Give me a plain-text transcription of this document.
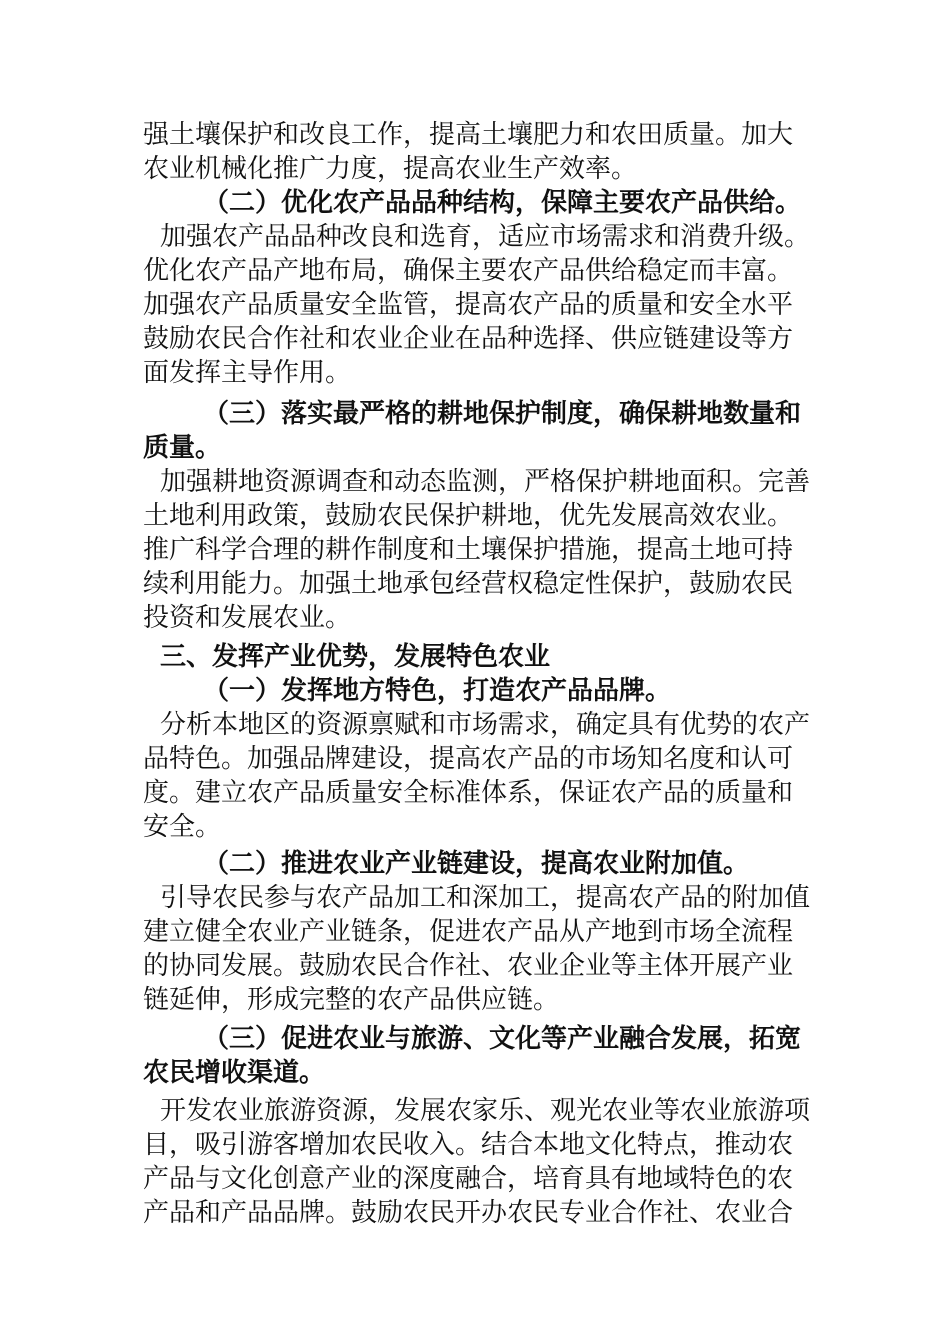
强土壤保护和改良工作，提高土壤肥力和农田质量。加大
农业机械化推广力度，提高农业生产效率。
（二）优化农产品品种结构，保障主要农产品供给。
加强农产品品种改良和选育，适应市场需求和消费升级。
优化农产品产地布局，确保主要农产品供给稳定而丰富。
加强农产品质量安全监管，提高农产品的质量和安全水平
鼓励农民合作社和农业企业在品种选择、供应链建设等方
面发挥主导作用。
（三）落实最严格的耕地保护制度，确保耕地数量和
质量。
加强耕地资源调查和动态监测，严格保护耕地面积。完善
土地利用政策，鼓励农民保护耕地，优先发展高效农业。
推广科学合理的耕作制度和土壤保护措施，提高土地可持
续利用能力。加强土地承包经营权稳定性保护，鼓励农民
投资和发展农业。
三、发挥产业优势，发展特色农业
（一）发挥地方特色，打造农产品品牌。
分析本地区的资源禀赋和市场需求，确定具有优势的农产
品特色。加强品牌建设，提高农产品的市场知名度和认可
度。建立农产品质量安全标准体系，保证农产品的质量和
安全。
（二）推进农业产业链建设，提高农业附加值。
引导农民参与农产品加工和深加工，提高农产品的附加值
建立健全农业产业链条，促进农产品从产地到市场全流程
的协同发展。鼓励农民合作社、农业企业等主体开展产业
链延伸，形成完整的农产品供应链。
（三）促进农业与旅游、文化等产业融合发展，拓宽
农民增收渠道。
开发农业旅游资源，发展农家乐、观光农业等农业旅游项
目，吸引游客增加农民收入。结合本地文化特点，推动农
产品与文化创意产业的深度融合，培育具有地域特色的农
产品和产品品牌。鼓励农民开办农民专业合作社、农业合
